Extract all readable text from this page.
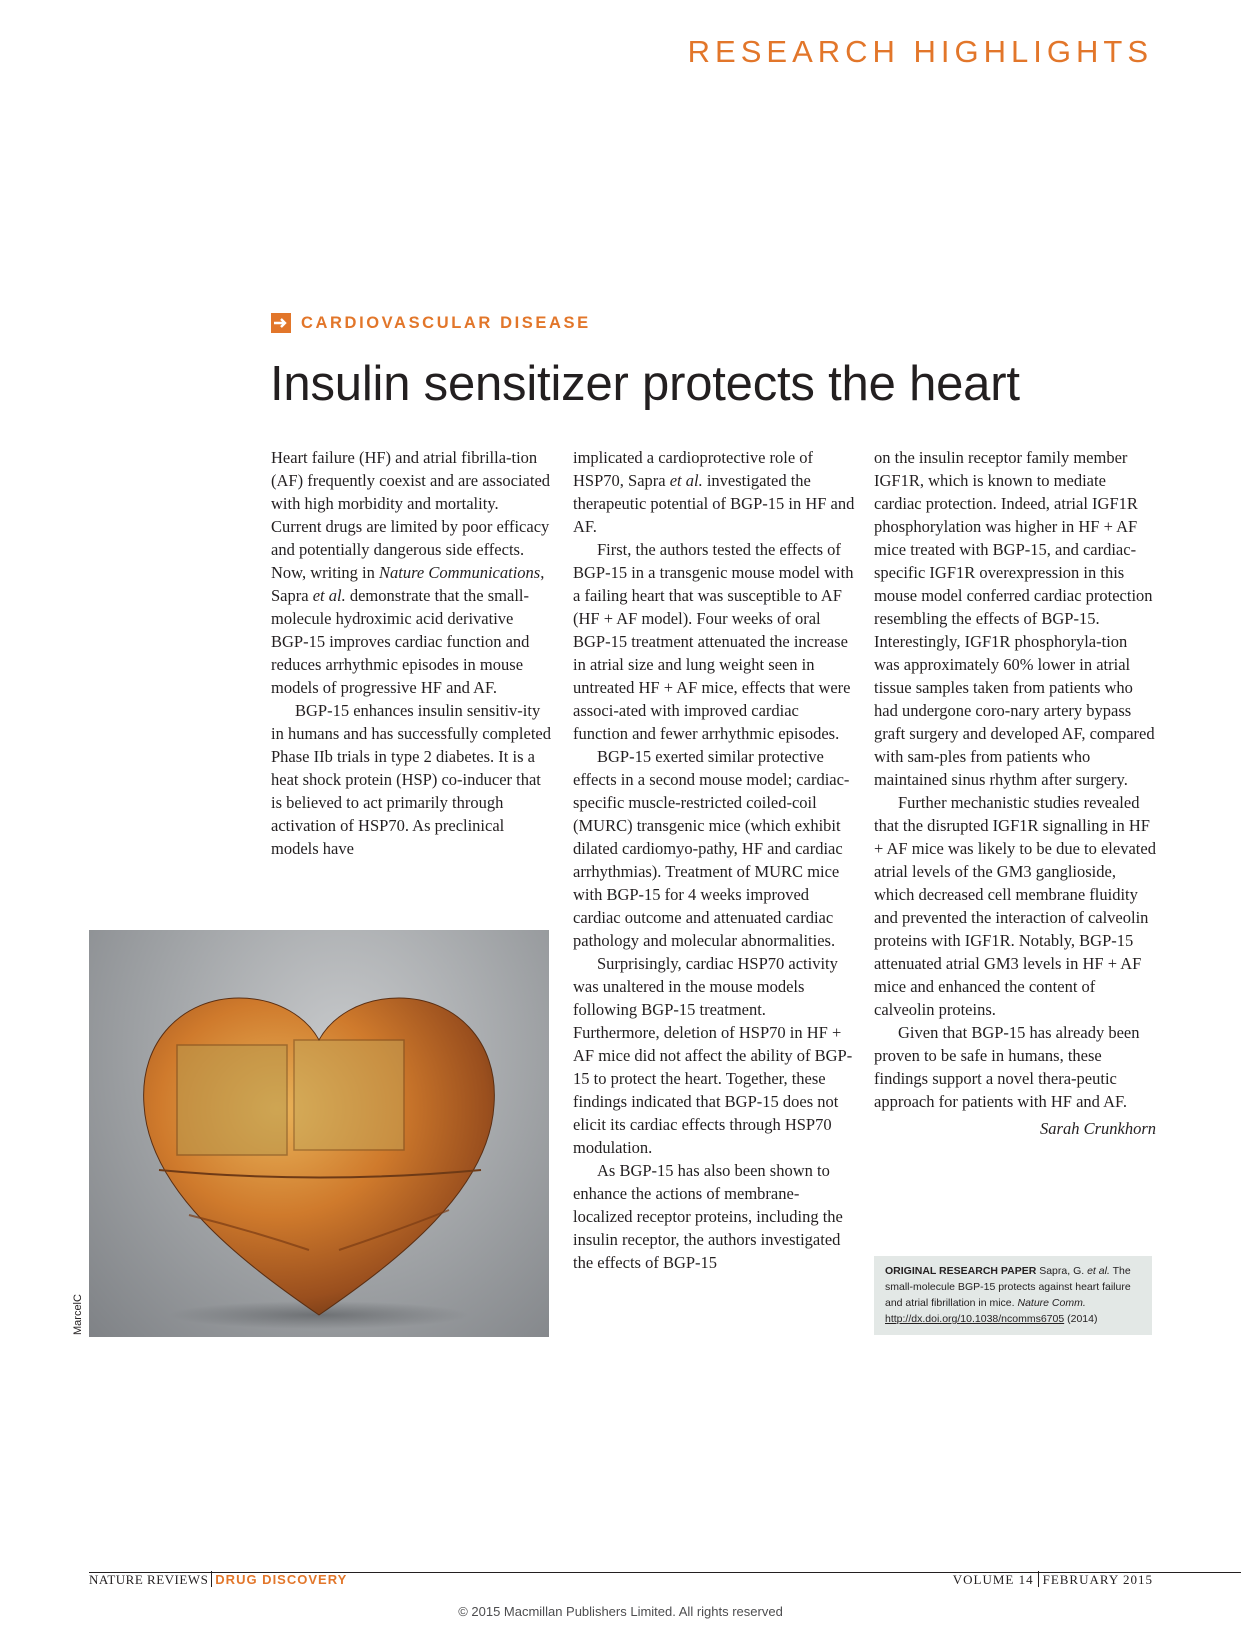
RESEARCH HIGHLIGHTS
CARDIOVASCULAR DISEASE
Insulin sensitizer protects the heart

Heart failure (HF) and atrial fibrilla-tion (AF) frequently coexist and are associated with high morbidity and mortality. Current drugs are limited by poor efficacy and potentially dangerous side effects. Now, writing in Nature Communications, Sapra et al. demonstrate that the small-molecule hydroximic acid derivative BGP-15 improves cardiac function and reduces arrhythmic episodes in mouse models of progressive HF and AF.

BGP-15 enhances insulin sensitiv-ity in humans and has successfully completed Phase IIb trials in type 2 diabetes. It is a heat shock protein (HSP) co-inducer that is believed to act primarily through activation of HSP70. As preclinical models have

implicated a cardioprotective role of HSP70, Sapra et al. investigated the therapeutic potential of BGP-15 in HF and AF.

First, the authors tested the effects of BGP-15 in a transgenic mouse model with a failing heart that was susceptible to AF (HF + AF model). Four weeks of oral BGP-15 treatment attenuated the increase in atrial size and lung weight seen in untreated HF + AF mice, effects that were associ-ated with improved cardiac function and fewer arrhythmic episodes.

BGP-15 exerted similar protective effects in a second mouse model; cardiac-specific muscle-restricted coiled-coil (MURC) transgenic mice (which exhibit dilated cardiomyo-pathy, HF and cardiac arrhythmias). Treatment of MURC mice with BGP-15 for 4 weeks improved cardiac outcome and attenuated cardiac pathology and molecular abnormalities.

Surprisingly, cardiac HSP70 activity was unaltered in the mouse models following BGP-15 treatment. Furthermore, deletion of HSP70 in HF + AF mice did not affect the ability of BGP-15 to protect the heart. Together, these findings indicated that BGP-15 does not elicit its cardiac effects through HSP70 modulation.

As BGP-15 has also been shown to enhance the actions of membrane-localized receptor proteins, including the insulin receptor, the authors investigated the effects of BGP-15

on the insulin receptor family member IGF1R, which is known to mediate cardiac protection. Indeed, atrial IGF1R phosphorylation was higher in HF + AF mice treated with BGP-15, and cardiac-specific IGF1R overexpression in this mouse model conferred cardiac protection resembling the effects of BGP-15. Interestingly, IGF1R phosphoryla-tion was approximately 60% lower in atrial tissue samples taken from patients who had undergone coro-nary artery bypass graft surgery and developed AF, compared with sam-ples from patients who maintained sinus rhythm after surgery.

Further mechanistic studies revealed that the disrupted IGF1R signalling in HF + AF mice was likely to be due to elevated atrial levels of the GM3 ganglioside, which decreased cell membrane fluidity and prevented the interaction of calveolin proteins with IGF1R. Notably, BGP-15 attenuated atrial GM3 levels in HF + AF mice and enhanced the content of calveolin proteins.

Given that BGP-15 has already been proven to be safe in humans, these findings support a novel thera-peutic approach for patients with HF and AF.

Sarah Crunkhorn

MarcelC
ORIGINAL RESEARCH PAPER Sapra, G. et al. The small-molecule BGP-15 protects against heart failure and atrial fibrillation in mice. Nature Comm. http://dx.doi.org/10.1038/ncomms6705 (2014)
NATURE REVIEWS DRUG DISCOVERY	VOLUME 14 FEBRUARY 2015
© 2015 Macmillan Publishers Limited. All rights reserved
